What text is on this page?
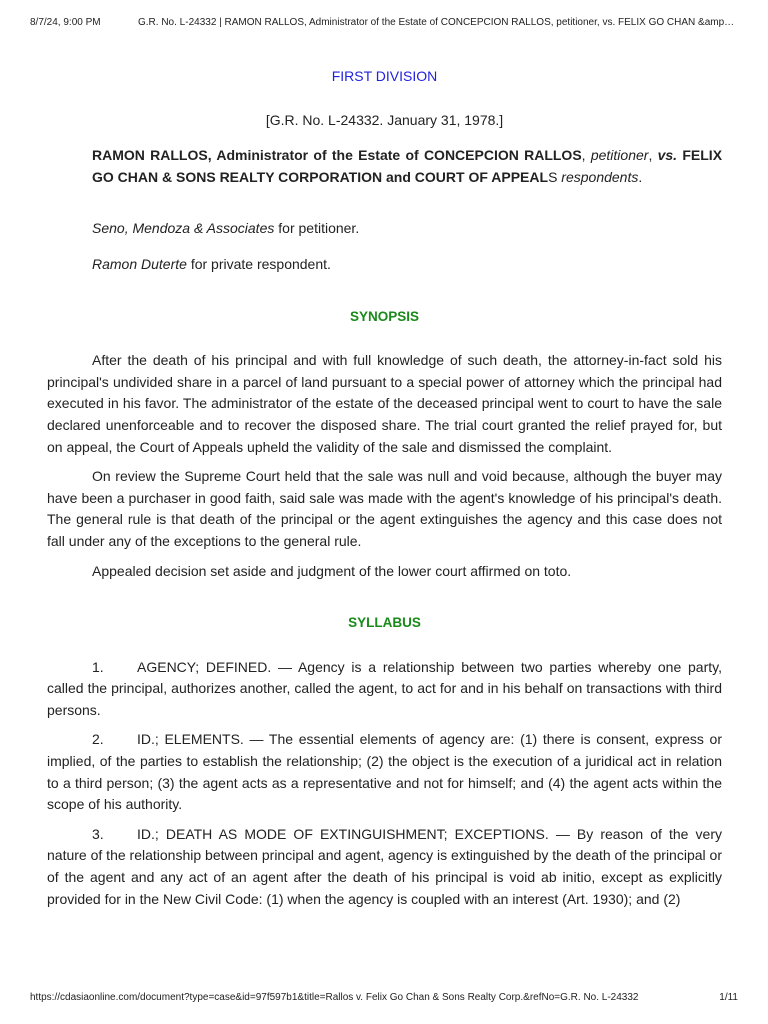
8/7/24, 9:00 PM	G.R. No. L-24332 | RAMON RALLOS, Administrator of the Estate of CONCEPCION RALLOS, petitioner, vs. FELIX GO CHAN &amp…

FIRST DIVISION

[G.R. No. L-24332. January 31, 1978.]

RAMON RALLOS, Administrator of the Estate of CONCEPCION RALLOS, petitioner, vs. FELIX GO CHAN & SONS REALTY CORPORATION and COURT OF APPEALS respondents.

Seno, Mendoza & Associates for petitioner.

Ramon Duterte for private respondent.

SYNOPSIS

After the death of his principal and with full knowledge of such death, the attorney-in-fact sold his principal's undivided share in a parcel of land pursuant to a special power of attorney which the principal had executed in his favor. The administrator of the estate of the deceased principal went to court to have the sale declared unenforceable and to recover the disposed share. The trial court granted the relief prayed for, but on appeal, the Court of Appeals upheld the validity of the sale and dismissed the complaint.

On review the Supreme Court held that the sale was null and void because, although the buyer may have been a purchaser in good faith, said sale was made with the agent's knowledge of his principal's death. The general rule is that death of the principal or the agent extinguishes the agency and this case does not fall under any of the exceptions to the general rule.

Appealed decision set aside and judgment of the lower court affirmed on toto.

SYLLABUS

1. AGENCY; DEFINED. — Agency is a relationship between two parties whereby one party, called the principal, authorizes another, called the agent, to act for and in his behalf on transactions with third persons.

2. ID.; ELEMENTS. — The essential elements of agency are: (1) there is consent, express or implied, of the parties to establish the relationship; (2) the object is the execution of a juridical act in relation to a third person; (3) the agent acts as a representative and not for himself; and (4) the agent acts within the scope of his authority.

3. ID.; DEATH AS MODE OF EXTINGUISHMENT; EXCEPTIONS. — By reason of the very nature of the relationship between principal and agent, agency is extinguished by the death of the principal or of the agent and any act of an agent after the death of his principal is void ab initio, except as explicitly provided for in the New Civil Code: (1) when the agency is coupled with an interest (Art. 1930); and (2)

https://cdasiaonline.com/document?type=case&id=97f597b1&title=Rallos v. Felix Go Chan & Sons Realty Corp.&refNo=G.R. No. L-24332	1/11
